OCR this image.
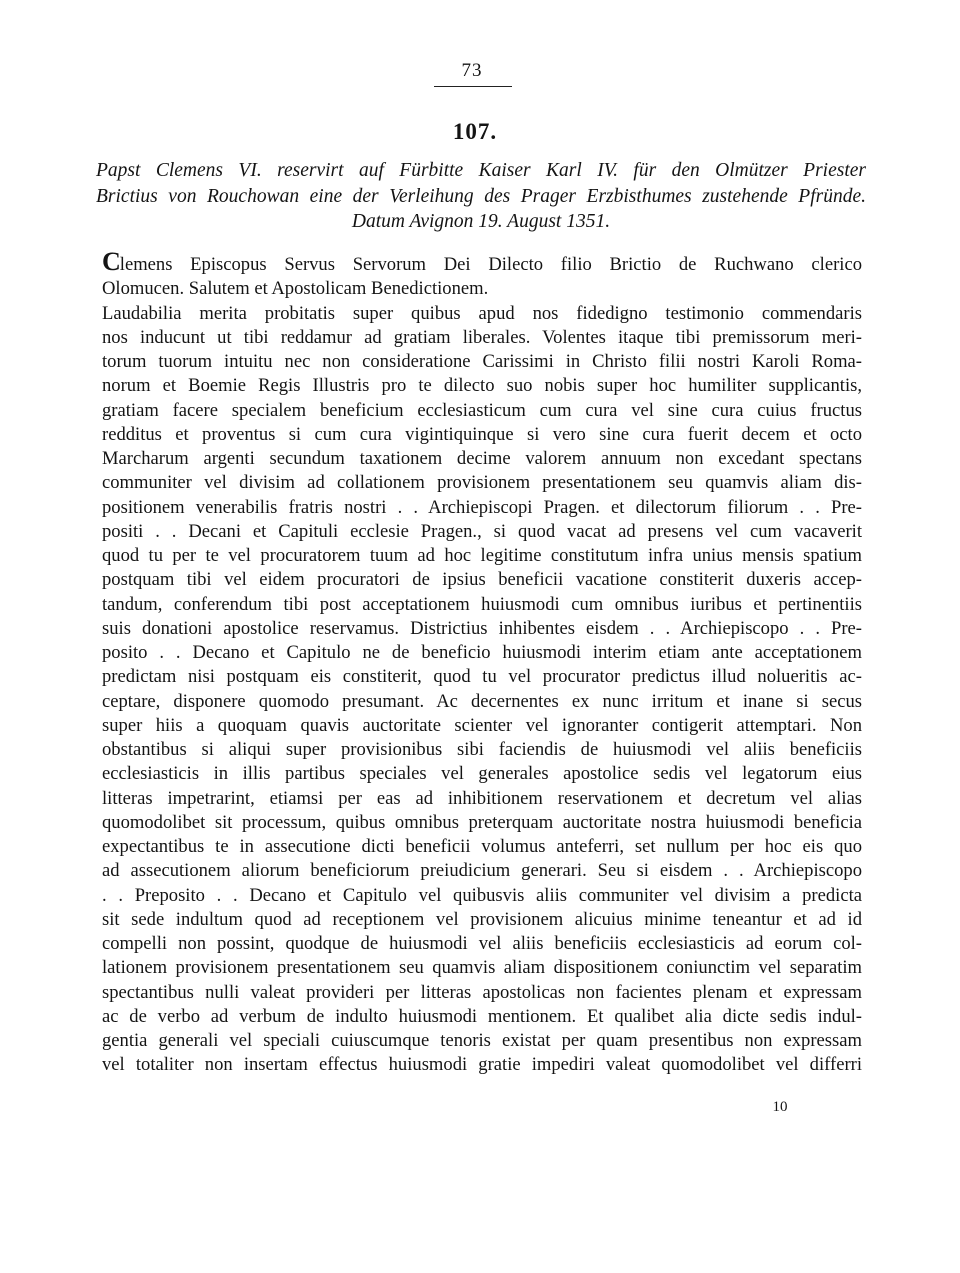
73
107.
Papst Clemens VI. reservirt auf Fürbitte Kaiser Karl IV. für den Olmützer Priester
Brictius von Rouchowan eine der Verleihung des Prager Erzbisthumes zustehende Pfründe.
Datum Avignon 19. August 1351.
Clemens Episcopus Servus Servorum Dei Dilecto filio Brictio de Ruchwano clerico
Olomucen. Salutem et Apostolicam Benedictionem.
Laudabilia merita probitatis super quibus apud nos fidedigno testimonio commendaris
nos inducunt ut tibi reddamur ad gratiam liberales. Volentes itaque tibi premissorum meri-
torum tuorum intuitu nec non consideratione Carissimi in Christo filii nostri Karoli Roma-
norum et Boemie Regis Illustris pro te dilecto suo nobis super hoc humiliter supplicantis,
gratiam facere specialem beneficium ecclesiasticum cum cura vel sine cura cuius fructus
redditus et proventus si cum cura vigintiquinque si vero sine cura fuerit decem et octo
Marcharum argenti secundum taxationem decime valorem annuum non excedant spectans
communiter vel divisim ad collationem provisionem presentationem seu quamvis aliam dis-
positionem venerabilis fratris nostri . . Archiepiscopi Pragen. et dilectorum filiorum . . Pre-
positi . . Decani et Capituli ecclesie Pragen., si quod vacat ad presens vel cum vacaverit
quod tu per te vel procuratorem tuum ad hoc legitime constitutum infra unius mensis spatium
postquam tibi vel eidem procuratori de ipsius beneficii vacatione constiterit duxeris accep-
tandum, conferendum tibi post acceptationem huiusmodi cum omnibus iuribus et pertinentiis
suis donationi apostolice reservamus. Districtius inhibentes eisdem . . Archiepiscopo . . Pre-
posito . . Decano et Capitulo ne de beneficio huiusmodi interim etiam ante acceptationem
predictam nisi postquam eis constiterit, quod tu vel procurator predictus illud nolueritis ac-
ceptare, disponere quomodo presumant. Ac decernentes ex nunc irritum et inane si secus
super hiis a quoquam quavis auctoritate scienter vel ignoranter contigerit attemptari. Non
obstantibus si aliqui super provisionibus sibi faciendis de huiusmodi vel aliis beneficiis
ecclesiasticis in illis partibus speciales vel generales apostolice sedis vel legatorum eius
litteras impetrarint, etiamsi per eas ad inhibitionem reservationem et decretum vel alias
quomodolibet sit processum, quibus omnibus preterquam auctoritate nostra huiusmodi beneficia
expectantibus te in assecutione dicti beneficii volumus anteferri, set nullum per hoc eis quo
ad assecutionem aliorum beneficiorum preiudicium generari. Seu si eisdem . . Archiepiscopo
. . Preposito . . Decano et Capitulo vel quibusvis aliis communiter vel divisim a predicta
sit sede indultum quod ad receptionem vel provisionem alicuius minime teneantur et ad id
compelli non possint, quodque de huiusmodi vel aliis beneficiis ecclesiasticis ad eorum col-
lationem provisionem presentationem seu quamvis aliam dispositionem coniunctim vel separatim
spectantibus nulli valeat provideri per litteras apostolicas non facientes plenam et expressam
ac de verbo ad verbum de indulto huiusmodi mentionem. Et qualibet alia dicte sedis indul-
gentia generali vel speciali cuiuscumque tenoris existat per quam presentibus non expressam
vel totaliter non insertam effectus huiusmodi gratie impediri valeat quomodolibet vel differri
10
